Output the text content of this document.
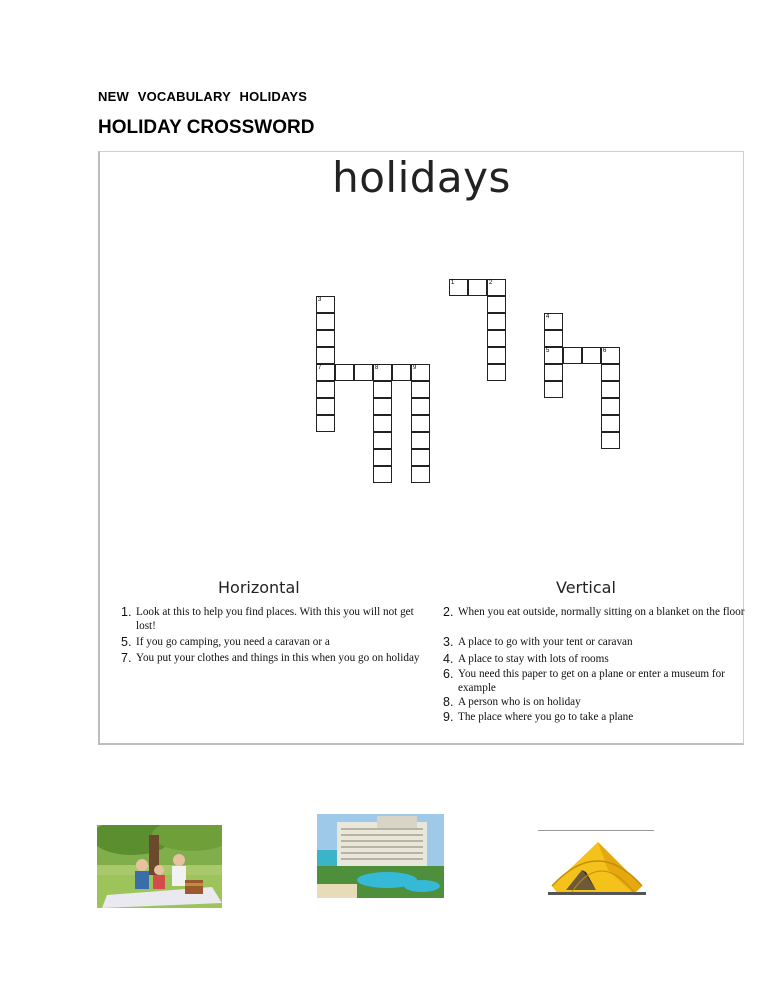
NEW VOCABULARY HOLIDAYS
HOLIDAY CROSSWORD
holidays
1	2
3
7
4
5	6
8	9
Horizontal	Vertical
1. Look at this to help you find places. With this you will not get lost!
5. If you go camping, you need a caravan or a
7. You put your clothes and things in this when you go on holiday
2. When you eat outside, normally sitting on a blanket on the floor
3. A place to go with your tent or caravan
4. A place to stay with lots of rooms
6. You need this paper to get on a plane or enter a museum for example
8. A person who is on holiday
9. The place where you go to take a plane
